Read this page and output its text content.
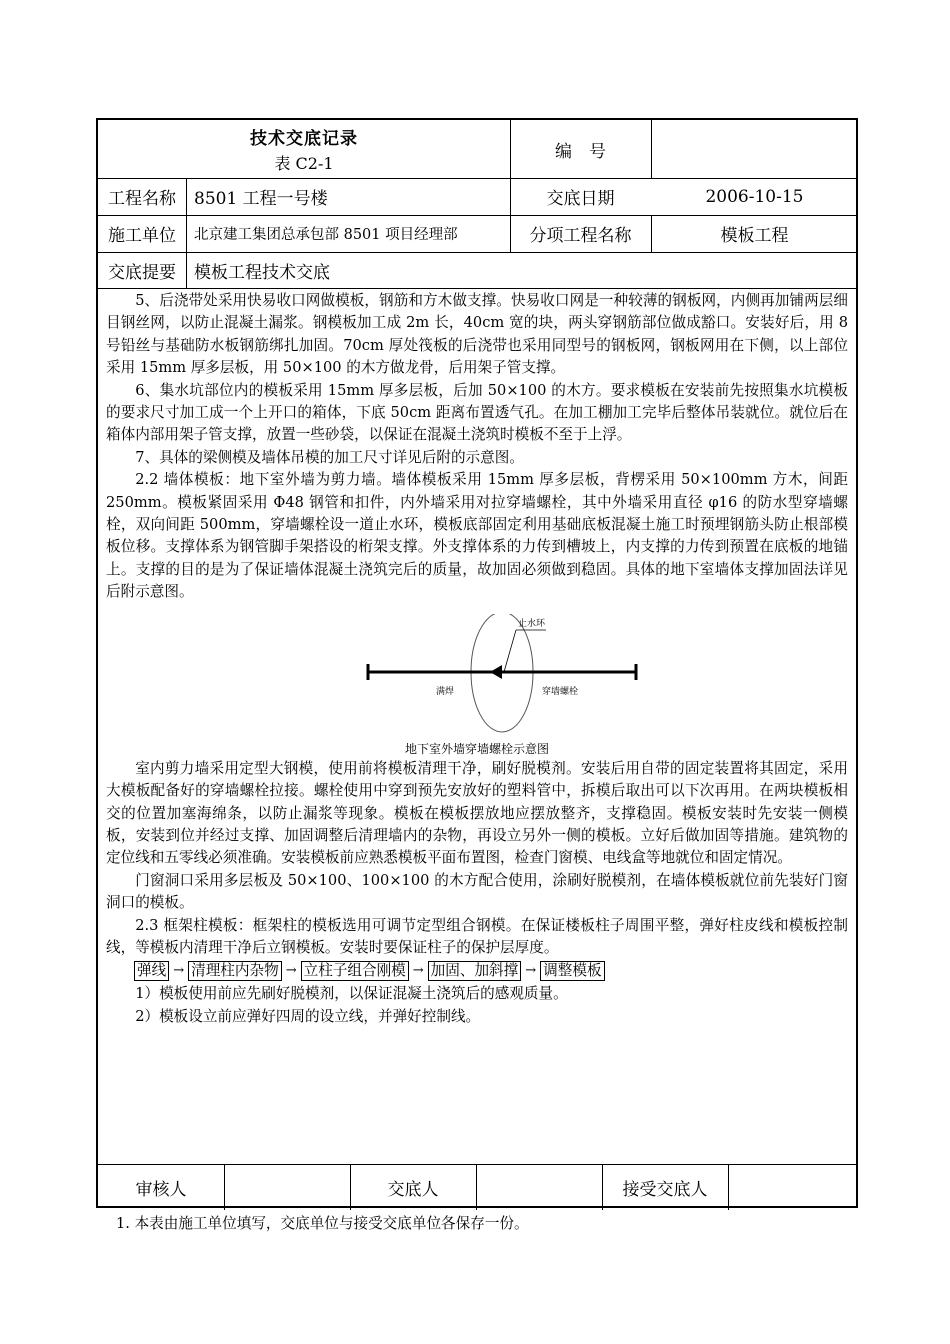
技术交底记录
表 C2-1
编　号
工程名称	8501 工程一号楼	交底日期	2006-10-15
施工单位	北京建工集团总承包部 8501 项目经理部	分项工程名称	模板工程
交底提要	模板工程技术交底

5、后浇带处采用快易收口网做模板，钢筋和方木做支撑。快易收口网是一种较薄的钢板网，内侧再加铺两层细目钢丝网，以防止混凝土漏浆。钢模板加工成 2m 长，40cm 宽的块，两头穿钢筋部位做成豁口。安装好后，用 8 号铅丝与基础防水板钢筋绑扎加固。70cm 厚处筏板的后浇带也采用同型号的钢板网，钢板网用在下侧，以上部位采用 15mm 厚多层板，用 50×100 的木方做龙骨，后用架子管支撑。

6、集水坑部位内的模板采用 15mm 厚多层板，后加 50×100 的木方。要求模板在安装前先按照集水坑模板的要求尺寸加工成一个上开口的箱体，下底 50cm 距离布置透气孔。在加工棚加工完毕后整体吊装就位。就位后在箱体内部用架子管支撑，放置一些砂袋，以保证在混凝土浇筑时模板不至于上浮。

7、具体的梁侧模及墙体吊模的加工尺寸详见后附的示意图。

2.2 墙体模板：地下室外墙为剪力墙。墙体模板采用 15mm 厚多层板，背楞采用 50×100mm 方木，间距 250mm。模板紧固采用 Φ48 钢管和扣件，内外墙采用对拉穿墙螺栓，其中外墙采用直径 φ16 的防水型穿墙螺栓，双向间距 500mm，穿墙螺栓设一道止水环，模板底部固定利用基础底板混凝土施工时预埋钢筋头防止根部模板位移。支撑体系为钢管脚手架搭设的桁架支撑。外支撑体系的力传到槽坡上，内支撑的力传到预置在底板的地锚上。支撑的目的是为了保证墙体混凝土浇筑完后的质量，故加固必须做到稳固。具体的地下室墙体支撑加固法详见后附示意图。

止水环
满焊	穿墙螺栓
地下室外墙穿墙螺栓示意图

室内剪力墙采用定型大钢模，使用前将模板清理干净，刷好脱模剂。安装后用自带的固定装置将其固定，采用大模板配备好的穿墙螺栓拉接。螺栓使用中穿到预先安放好的塑料管中，拆模后取出可以下次再用。在两块模板相交的位置加塞海绵条，以防止漏浆等现象。模板在模板摆放地应摆放整齐，支撑稳固。模板安装时先安装一侧模板，安装到位并经过支撑、加固调整后清理墙内的杂物，再设立另外一侧的模板。立好后做加固等措施。建筑物的定位线和五零线必须准确。安装模板前应熟悉模板平面布置图，检查门窗模、电线盒等地就位和固定情况。

门窗洞口采用多层板及 50×100、100×100 的木方配合使用，涂刷好脱模剂，在墙体模板就位前先装好门窗洞口的模板。

2.3 框架柱模板：框架柱的模板选用可调节定型组合钢模。在保证楼板柱子周围平整，弹好柱皮线和模板控制线，等模板内清理干净后立钢模板。安装时要保证柱子的保护层厚度。

弹线 → 清理柱内杂物 → 立柱子组合刚模 → 加固、加斜撑 → 调整模板

1）模板使用前应先刷好脱模剂，以保证混凝土浇筑后的感观质量。

2）模板设立前应弹好四周的设立线，并弹好控制线。

审核人	交底人	接受交底人
1. 本表由施工单位填写，交底单位与接受交底单位各保存一份。
